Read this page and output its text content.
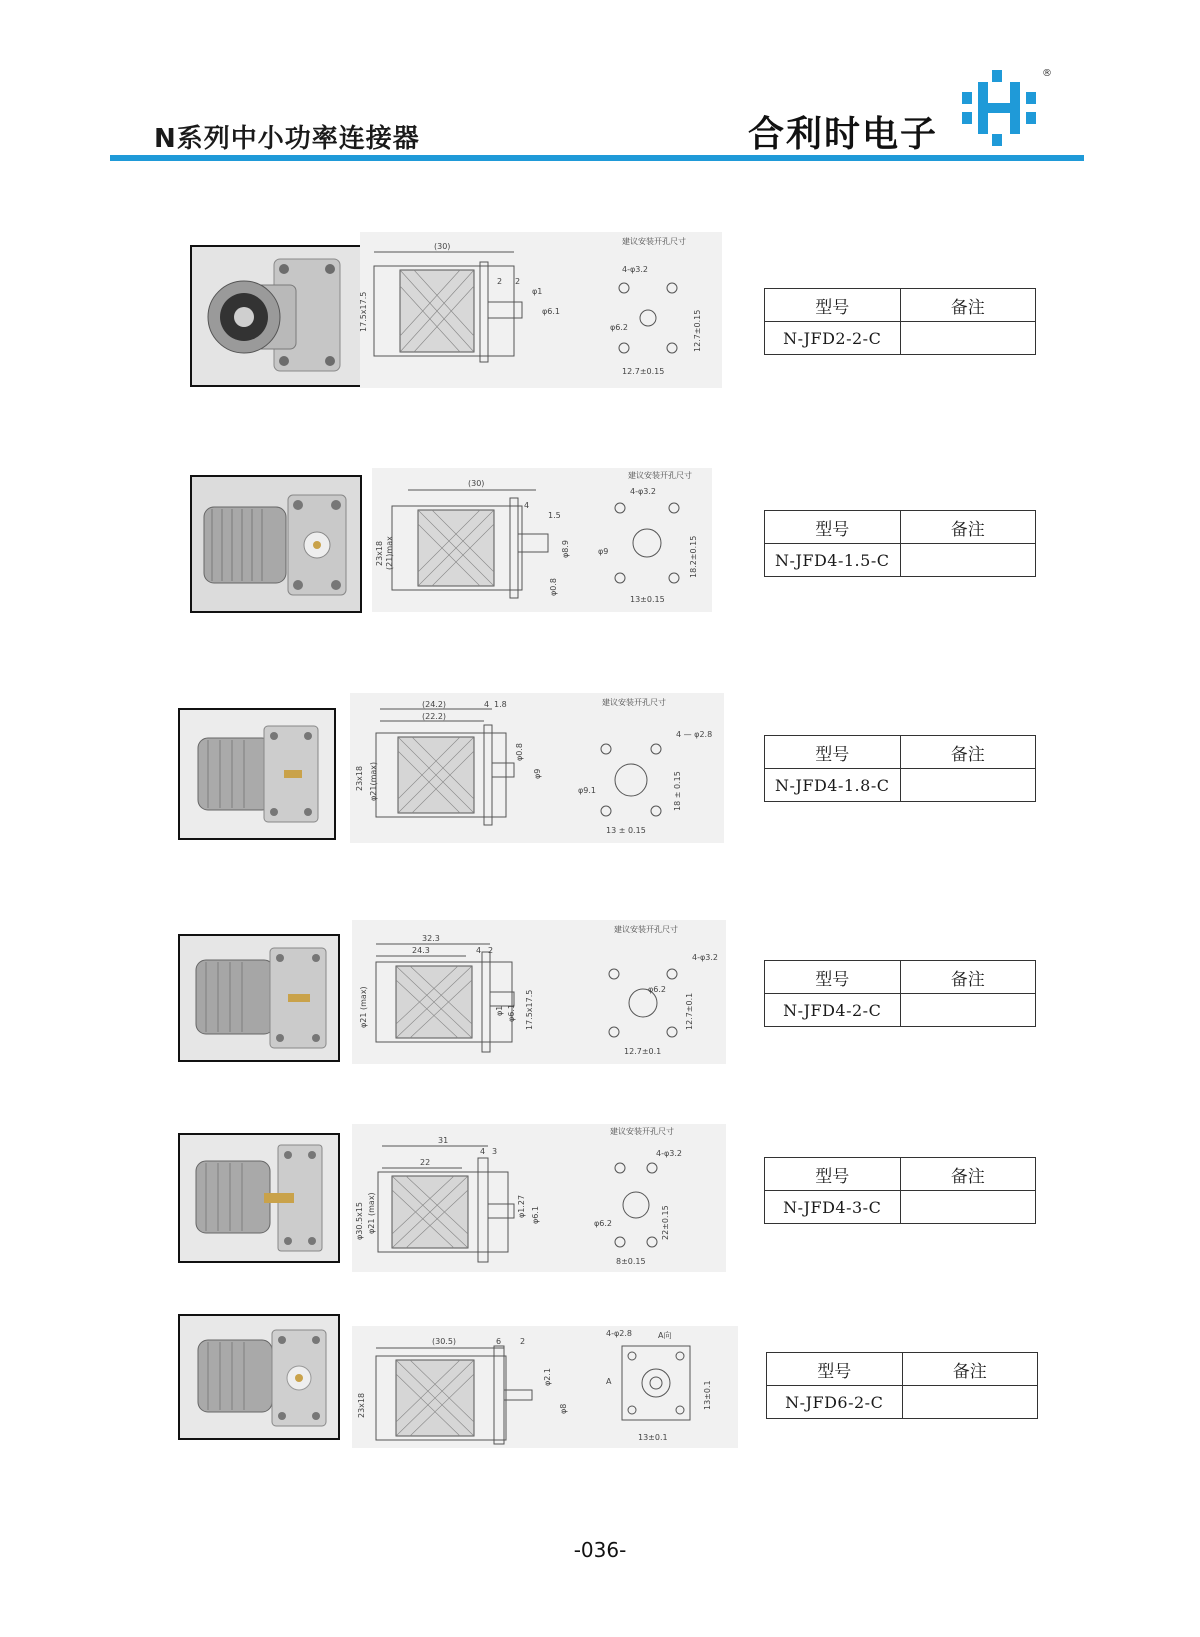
N系列中小功率连接器	合利时电子
®
(30)
2 2
φ1
φ6.1
17.5x17.5
建议安装开孔尺寸
4-φ3.2
φ6.2	12.7±0.15
12.7±0.15
(30)
4
1.5
φ0.8
φ8.9
23x18 (21)max
建议安装开孔尺寸
4-φ3.2
φ9	18.2±0.15
13±0.15
(24.2)
(22.2)
4 1.8
φ0.8
φ9
23x18 φ21(max)
建议安装开孔尺寸
4 — φ2.8
φ9.1	18 ± 0.15
13 ± 0.15
32.3
24.3	4 2
φ1 φ6.1 17.5x17.5
φ21 (max)
建议安装开孔尺寸
4-φ3.2
φ6.2
12.7±0.1
12.7±0.1
31
22
4 3
φ1.27 φ6.1
φ30.5x15 φ21 (max)
建议安装开孔尺寸
4-φ3.2
φ6.2	22±0.15
8±0.15
(30.5)	6 2
φ2.1
φ8
23x18
4-φ2.8	A向
A	13±0.1
13±0.1
型号	备注
N-JFD2-2-C	
型号	备注
N-JFD4-1.5-C	
型号	备注
N-JFD4-1.8-C	
型号	备注
N-JFD4-2-C	
型号	备注
N-JFD4-3-C	
型号	备注
N-JFD6-2-C	
-036-
